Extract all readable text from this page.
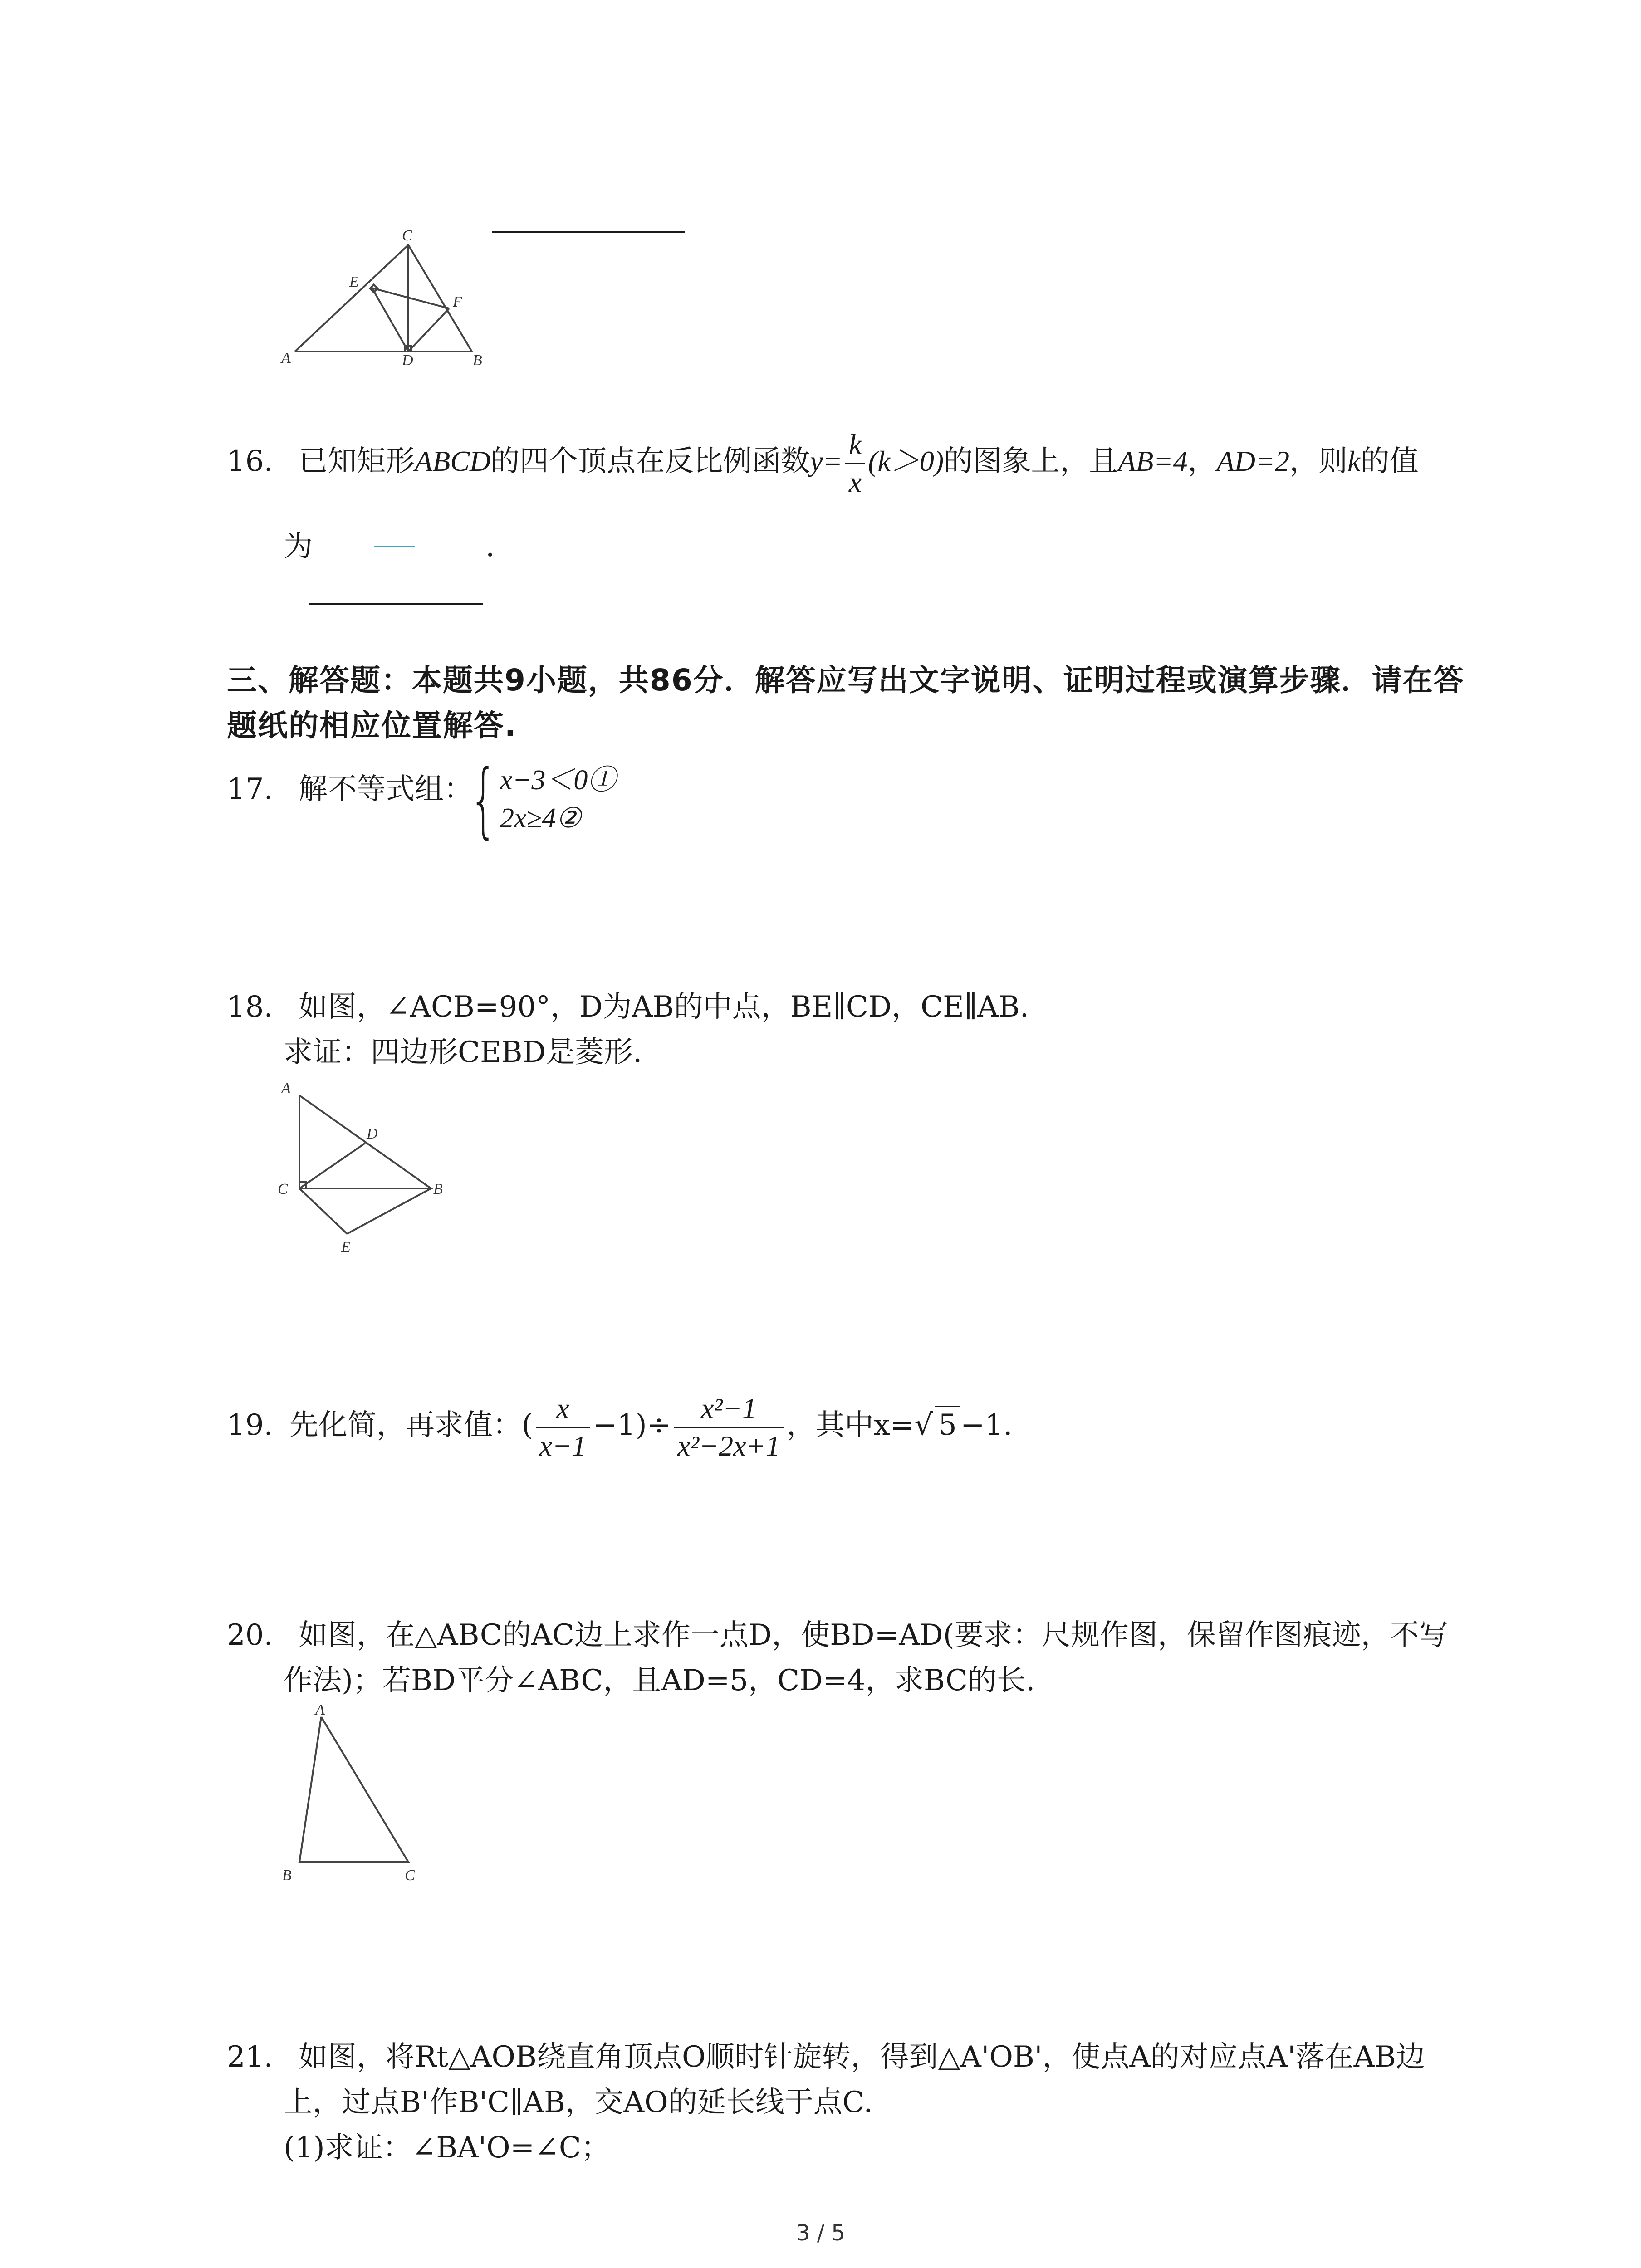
C
E
F
A	D	B
16. 已知矩形ABCD的四个顶点在反比例函数$y= \frac{k}{x} (k>0)$的图象上，且AB=4，AD=2，则k的值
为	.
三、解答题：本题共9小题，共86分．解答应写出文字说明、证明过程或演算步骤．请在答
题纸的相应位置解答.
17. 解不等式组：
{ x−3＜0①
2x≥4②
18. 如图，∠ACB=90°，D为AB的中点，BE∥CD，CE∥AB.
求证：四边形CEBD是菱形.
A
D
C	B
E
19. 先化简，再求值：( $\frac{x}{x-1} -1)\div \frac{\text{x²−1}}{\text{x²−2x+1}}$ ，其中x=√ 5 −1.
20. 如图，在△ABC的AC边上求作一点D，使BD=AD(要求：尺规作图，保留作图痕迹，不写
作法)；若BD平分∠ABC，且AD=5，CD=4，求BC的长.
A
B	C
21. 如图，将Rt△AOB绕直角顶点O顺时针旋转，得到△A'OB'，使点A的对应点A'落在AB边
上，过点B'作B'C∥AB，交AO的延长线于点C.
(1)求证：∠BA'O=∠C；
3 / 5
